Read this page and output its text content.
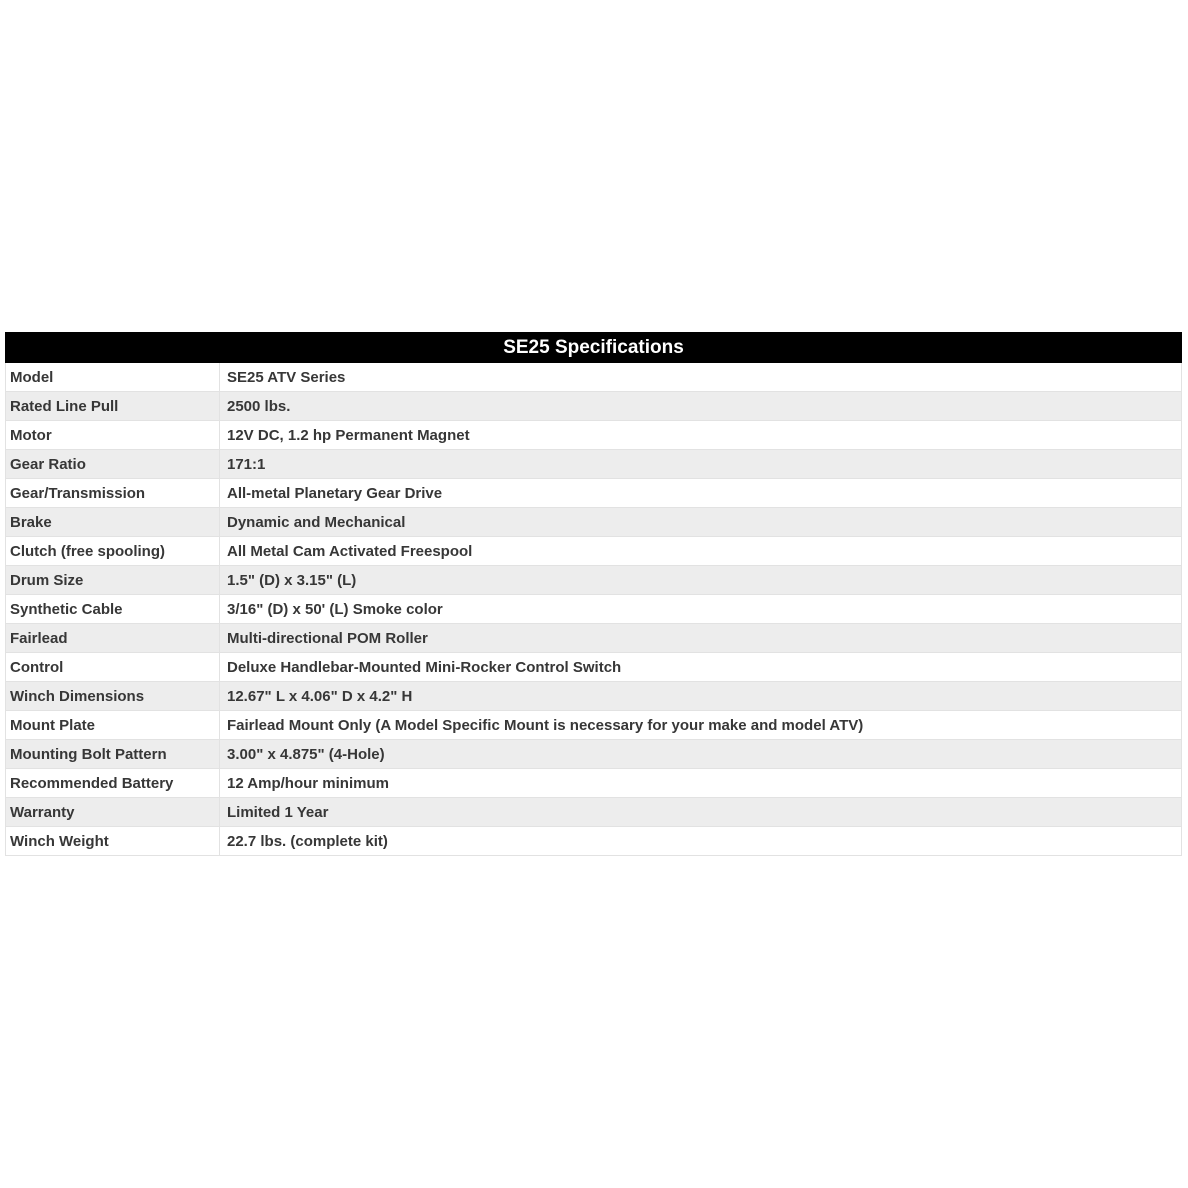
SE25 Specifications
Model	SE25 ATV Series
Rated Line Pull	2500 lbs.
Motor	12V DC, 1.2 hp Permanent Magnet
Gear Ratio	171:1
Gear/Transmission	All-metal Planetary Gear Drive
Brake	Dynamic and Mechanical
Clutch (free spooling)	All Metal Cam Activated Freespool
Drum Size	1.5" (D) x 3.15" (L)
Synthetic Cable	3/16" (D) x 50' (L) Smoke color
Fairlead	Multi-directional POM Roller
Control	Deluxe Handlebar-Mounted Mini-Rocker Control Switch
Winch Dimensions	12.67" L x 4.06" D x 4.2" H
Mount Plate	Fairlead Mount Only (A Model Specific Mount is necessary for your make and model ATV)
Mounting Bolt Pattern	3.00" x 4.875" (4-Hole)
Recommended Battery	12 Amp/hour minimum
Warranty	Limited 1 Year
Winch Weight	22.7 lbs. (complete kit)
